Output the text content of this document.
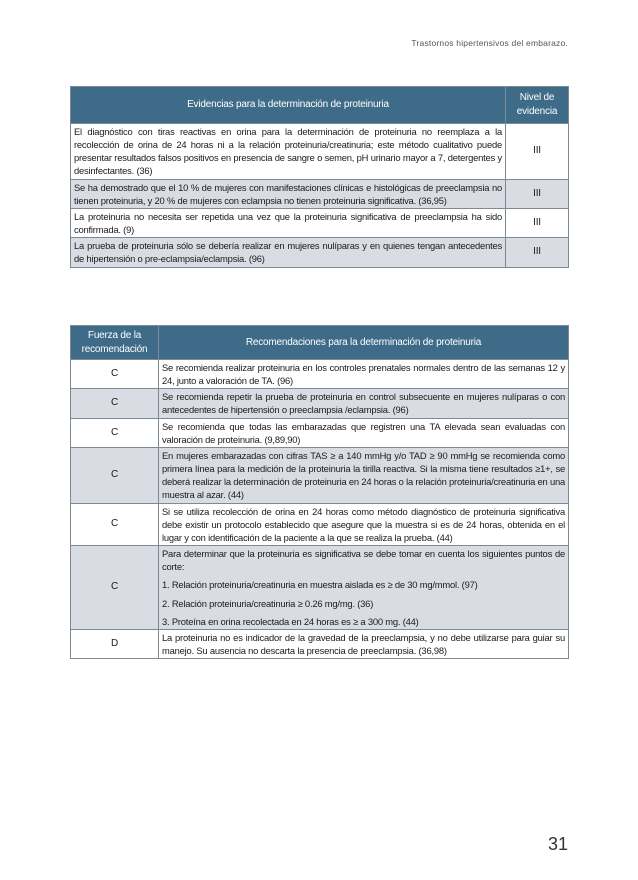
Trastornos hipertensivos del embarazo.
Evidencias para la determinación de proteinuria	Nivel de evidencia
El diagnóstico con tiras reactivas en orina para la determinación de proteinuria no reemplaza a la recolección de orina de 24 horas ni a la relación proteinuria/creatinuria; este método cualitativo puede presentar resultados falsos positivos en presencia de sangre o semen, pH urinario mayor a 7, detergentes y desinfectantes. (36)	III
Se ha demostrado que el 10 % de mujeres con manifestaciones clínicas e histológicas de preeclampsia no tienen proteinuria, y 20 % de mujeres con eclampsia no tienen proteinuria significativa. (36,95)	III
La proteinuria no necesita ser repetida una vez que la proteinuria significativa de preeclampsia ha sido confirmada. (9)	III
La prueba de proteinuria sólo se debería realizar en mujeres nulíparas y en quienes tengan antecedentes de hipertensión o pre-eclampsia/eclampsia. (96)	III
Fuerza de la recomendación	Recomendaciones para la determinación de proteinuria
C	Se recomienda realizar proteinuria en los controles prenatales normales dentro de las semanas 12 y 24, junto a valoración de TA. (96)
C	Se recomienda repetir la prueba de proteinuria en control subsecuente en mujeres nulíparas o con antecedentes de hipertensión o preeclampsia /eclampsia. (96)
C	Se recomienda que todas las embarazadas que registren una TA elevada sean evaluadas con valoración de proteinuria. (9,89,90)
C	En mujeres embarazadas con cifras TAS ≥ a 140 mmHg y/o TAD ≥ 90 mmHg se recomienda como primera línea para la medición de la proteinuria la tirilla reactiva. Si la misma tiene resultados ≥1+, se deberá realizar la determinación de proteinuria en 24 horas o la relación proteinuria/creatinuria en una muestra al azar. (44)
C	Si se utiliza recolección de orina en 24 horas como método diagnóstico de proteinuria significativa debe existir un protocolo establecido que asegure que la muestra si es de 24 horas, obtenida en el lugar y con identificación de la paciente a la que se realiza la prueba. (44)
C	Para determinar que la proteinuria es significativa se debe tomar en cuenta los siguientes puntos de corte:

1. Relación proteinuria/creatinuria en muestra aislada es ≥ de 30 mg/mmol. (97)

2. Relación proteinuria/creatinuria ≥ 0.26 mg/mg. (36)

3. Proteína en orina recolectada en 24 horas es ≥ a 300 mg. (44)

D	La proteinuria no es indicador de la gravedad de la preeclampsia, y no debe utilizarse para guiar su manejo. Su ausencia no descarta la presencia de preeclampsia. (36,98)
31
